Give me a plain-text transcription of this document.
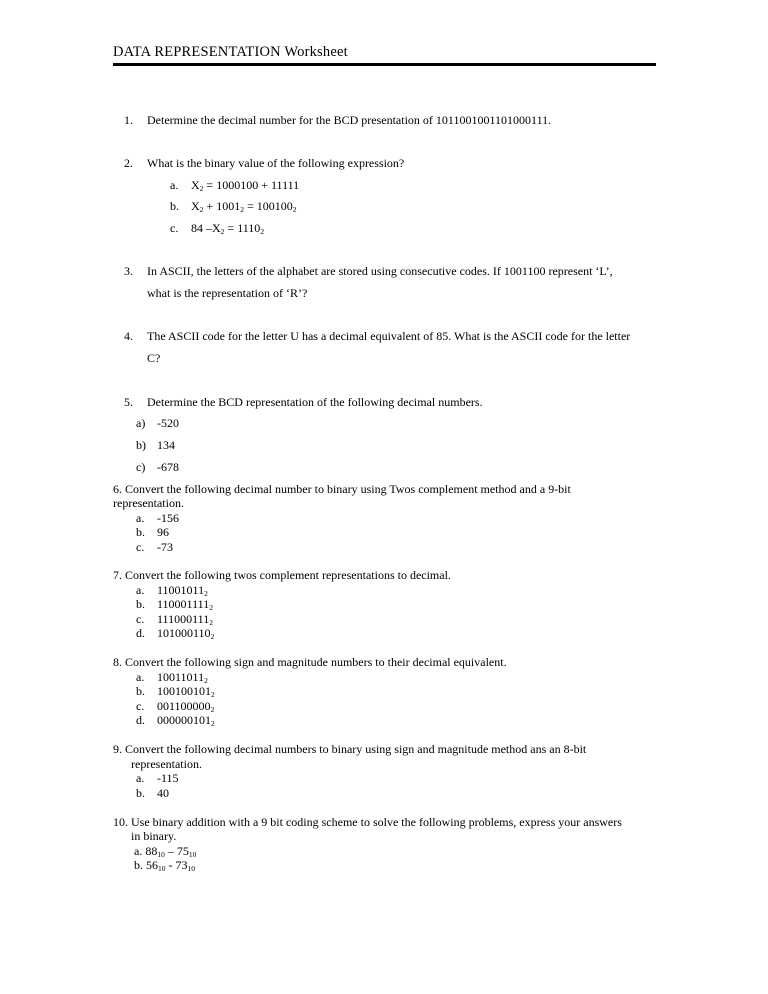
DATA REPRESENTATION Worksheet
1. Determine the decimal number for the BCD presentation of 1011001001101000111.
2. What is the binary value of the following expression?
a. $X_2 = 1000100 + 11111$
b. $X_2 + 1001_2 = 100100_2$
c. 84 $-X_2 = 1110_2$
3. In ASCII, the letters of the alphabet are stored using consecutive codes. If 1001100 represent ‘L’,
what is the representation of ‘R’?
4. The ASCII code for the letter U has a decimal equivalent of 85. What is the ASCII code for the letter
C?
5. Determine the BCD representation of the following decimal numbers.
a) -520
b) 134
c) -678
6. Convert the following decimal number to binary using Twos complement method and a 9-bit
representation.
a. -156
b. 96
c. -73
7. Convert the following twos complement representations to decimal.
a. $11001011_2$
b. $110001111_2$
c. $111000111_2$
d. $101000110_2$
8. Convert the following sign and magnitude numbers to their decimal equivalent.
a. $10011011_2$
b. $100100101_2$
c. $001100000_2$
d. $000000101_2$
9. Convert the following decimal numbers to binary using sign and magnitude method ans an 8-bit
representation.
a. -115
b. 40
10. Use binary addition with a 9 bit coding scheme to solve the following problems, express your answers
in binary.
a. $88_{10} - 75_{10}$
b. $56_{10} - 73_{10}$
